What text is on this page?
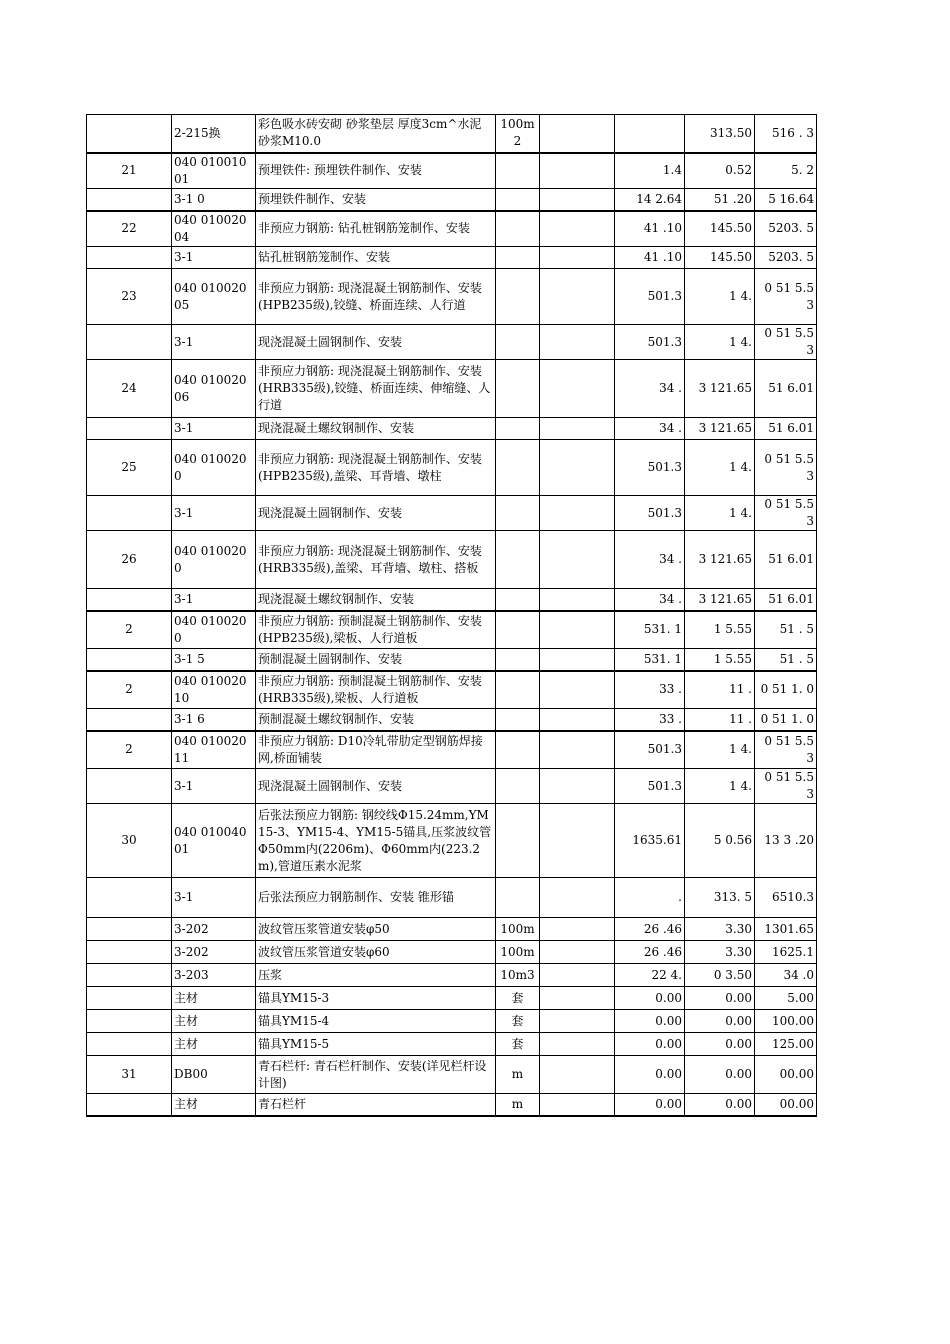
	2-215换	彩色吸水砖安砌 砂浆垫层 厚度3cm^水泥砂浆M10.0	100m2			313.50	516 . 3
21	040 01001001	预埋铁件: 预埋铁件制作、安装			1.4	0.52	5. 2
	3-1 0	预埋铁件制作、安装			14 2.64	51 .20	5 16.64
22	040 01002004	非预应力钢筋: 钻孔桩钢筋笼制作、安装			41 .10	145.50	5203. 5
	3-1	钻孔桩钢筋笼制作、安装			41 .10	145.50	5203. 5
23	040 01002005	非预应力钢筋: 现浇混凝土钢筋制作、安装(HPB235级),铰缝、桥面连续、人行道			501.3	1 4.	0 51 5.53
	3-1	现浇混凝土圆钢制作、安装			501.3	1 4.	0 51 5.53
24	040 01002006	非预应力钢筋: 现浇混凝土钢筋制作、安装(HRB335级),铰缝、桥面连续、伸缩缝、人行道			34 .	3 121.65	51 6.01
	3-1	现浇混凝土螺纹钢制作、安装			34 .	3 121.65	51 6.01
25	040 010020 0	非预应力钢筋: 现浇混凝土钢筋制作、安装(HPB235级),盖梁、耳背墙、墩柱			501.3	1 4.	0 51 5.53
	3-1	现浇混凝土圆钢制作、安装			501.3	1 4.	0 51 5.53
26	040 010020 0	非预应力钢筋: 现浇混凝土钢筋制作、安装(HRB335级),盖梁、耳背墙、墩柱、搭板			34 .	3 121.65	51 6.01
	3-1	现浇混凝土螺纹钢制作、安装			34 .	3 121.65	51 6.01
2	040 010020 0	非预应力钢筋: 预制混凝土钢筋制作、安装(HPB235级),梁板、人行道板			531. 1	1 5.55	51 . 5
	3-1 5	预制混凝土圆钢制作、安装			531. 1	1 5.55	51 . 5
2	040 01002010	非预应力钢筋: 预制混凝土钢筋制作、安装(HRB335级),梁板、人行道板			33 .	11 .	0 51 1. 0
	3-1 6	预制混凝土螺纹钢制作、安装			33 .	11 .	0 51 1. 0
2	040 01002011	非预应力钢筋: D10冷轧带肋定型钢筋焊接网,桥面铺装			501.3	1 4.	0 51 5.53
	3-1	现浇混凝土圆钢制作、安装			501.3	1 4.	0 51 5.53
30	040 01004001	后张法预应力钢筋: 钢绞线Φ15.24mm,YM15-3、YM15-4、YM15-5锚具,压浆波纹管Φ50mm内(2206m)、Φ60mm内(223.2m),管道压素水泥浆			1635.61	5 0.56	13 3 .20
	3-1	后张法预应力钢筋制作、安装 锥形锚			.	313. 5	6510.3
	3-202	波纹管压浆管道安装φ50	100m		26 .46	3.30	1301.65
	3-202	波纹管压浆管道安装φ60	100m		26 .46	3.30	1625.1
	3-203	压浆	10m3		22 4.	0 3.50	34 .0
	主材	锚具YM15-3	套		0.00	0.00	5.00
	主材	锚具YM15-4	套		0.00	0.00	100.00
	主材	锚具YM15-5	套		0.00	0.00	125.00
31	DB00	青石栏杆: 青石栏杆制作、安装(详见栏杆设计图)	m		0.00	0.00	00.00
	主材	青石栏杆	m		0.00	0.00	00.00
